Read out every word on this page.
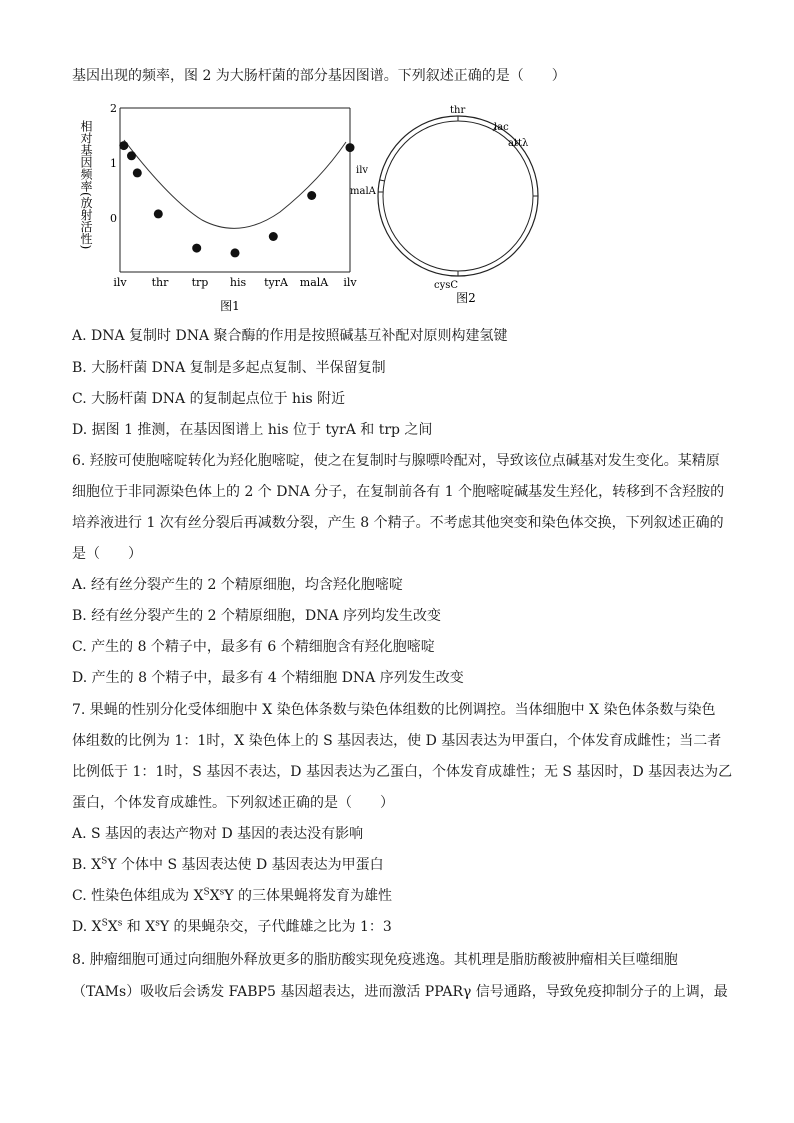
基因出现的频率，图 2 为大肠杆菌的部分基因图谱。下列叙述正确的是（　　）
相对基因频率(放射活性)
2
1
0
ilv thr trp his tyrA malA ilv
图1
thr
lac
attλ
ilv
malA
cysC
图2
A. DNA 复制时 DNA 聚合酶的作用是按照碱基互补配对原则构建氢键
B. 大肠杆菌 DNA 复制是多起点复制、半保留复制
C. 大肠杆菌 DNA 的复制起点位于 his 附近
D. 据图 1 推测，在基因图谱上 his 位于 tyrA 和 trp 之间
6. 羟胺可使胞嘧啶转化为羟化胞嘧啶，使之在复制时与腺嘌呤配对，导致该位点碱基对发生变化。某精原
细胞位于非同源染色体上的 2 个 DNA 分子，在复制前各有 1 个胞嘧啶碱基发生羟化，转移到不含羟胺的
培养液进行 1 次有丝分裂后再减数分裂，产生 8 个精子。不考虑其他突变和染色体交换，下列叙述正确的
是（　　）
A. 经有丝分裂产生的 2 个精原细胞，均含羟化胞嘧啶
B. 经有丝分裂产生的 2 个精原细胞，DNA 序列均发生改变
C. 产生的 8 个精子中，最多有 6 个精细胞含有羟化胞嘧啶
D. 产生的 8 个精子中，最多有 4 个精细胞 DNA 序列发生改变
7. 果蝇的性别分化受体细胞中 X 染色体条数与染色体组数的比例调控。当体细胞中 X 染色体条数与染色
体组数的比例为 1：1时，X 染色体上的 S 基因表达，使 D 基因表达为甲蛋白，个体发育成雌性；当二者
比例低于 1：1时，S 基因不表达，D 基因表达为乙蛋白，个体发育成雄性；无 S 基因时，D 基因表达为乙
蛋白，个体发育成雄性。下列叙述正确的是（　　）
A. S 基因的表达产物对 D 基因的表达没有影响
B. $X^SY$ 个体中 S 基因表达使 D 基因表达为甲蛋白
C. 性染色体组成为 $X^SX^sY$ 的三体果蝇将发育为雄性
D. $X^SX^s$ 和 $X^sY$ 的果蝇杂交，子代雌雄之比为 1：3
8. 肿瘤细胞可通过向细胞外释放更多的脂肪酸实现免疫逃逸。其机理是脂肪酸被肿瘤相关巨噬细胞
（TAMs）吸收后会诱发 FABP5 基因超表达，进而激活 PPARγ 信号通路，导致免疫抑制分子的上调，最
